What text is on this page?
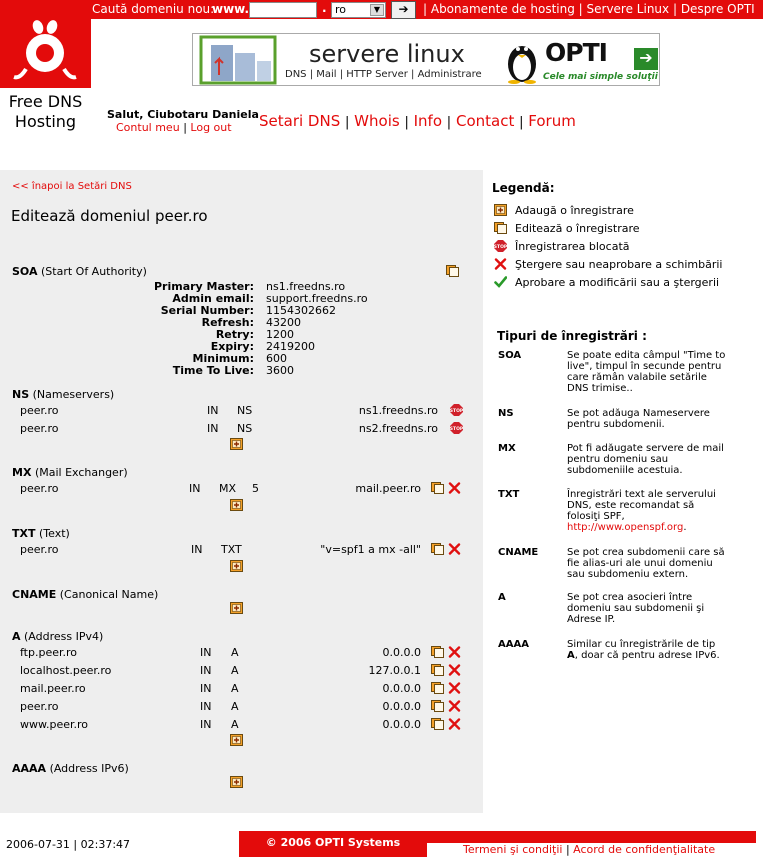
Caută domeniu nou:
www.	. ro	▼	➔	| Abonamente de hosting | Servere Linux | Despre OPTI
Free DNS
Hosting
servere linux
DNS | Mail | HTTP Server | Administrare
OPTI	➔
Cele mai simple soluţii
Salut, Ciubotaru Daniela
Contul meu | Log out Setari DNS | Whois | Info | Contact | Forum
<< înapoi la Setări DNS
Editează domeniul peer.ro
SOA (Start Of Authority)
Primary Master: ns1.freedns.ro
Admin email: support.freedns.ro
Serial Number: 1154302662
Refresh: 43200
Retry: 1200
Expiry: 2419200
Minimum: 600
Time To Live: 3600
NS (Nameservers)
peer.ro	IN NS	ns1.freedns.ro	STOP
peer.ro	IN NS	ns2.freedns.ro	STOP
MX (Mail Exchanger)
peer.ro	IN MX 5	mail.peer.ro
TXT (Text)
peer.ro	IN TXT	"v=spf1 a mx -all"
CNAME (Canonical Name)
A (Address IPv4)
ftp.peer.ro	IN A	0.0.0.0
localhost.peer.ro	IN A	127.0.0.1
mail.peer.ro	IN A	0.0.0.0
peer.ro	IN A	0.0.0.0
www.peer.ro	IN A	0.0.0.0
AAAA (Address IPv6)
Legendă:
Adaugă o înregistrare
Editează o înregistrare
STOP Înregistrarea blocată
Ştergere sau neaprobare a schimbării
Aprobare a modificării sau a ştergerii
Tipuri de înregistrări :
SOA	Se poate edita câmpul "Time to
live", timpul în secunde pentru
care rămân valabile setările
DNS trimise..
NS	Se pot adăuga Nameservere
pentru subdomenii.
MX	Pot fi adăugate servere de mail
pentru domeniu sau
subdomeniile acestuia.
TXT	Înregistrări text ale serverului
DNS, este recomandat să
folosiţi SPF,
http://www.openspf.org.
CNAME	Se pot crea subdomenii care să
fie alias-uri ale unui domeniu
sau subdomeniu extern.
A	Se pot crea asocieri între
domeniu sau subdomenii şi
Adrese IP.
AAAA	Similar cu înregistrările de tip
A, doar că pentru adrese IPv6.
2006-07-31 | 02:37:47	© 2006 OPTI Systems
Termeni şi condiţii | Acord de confidenţialitate
